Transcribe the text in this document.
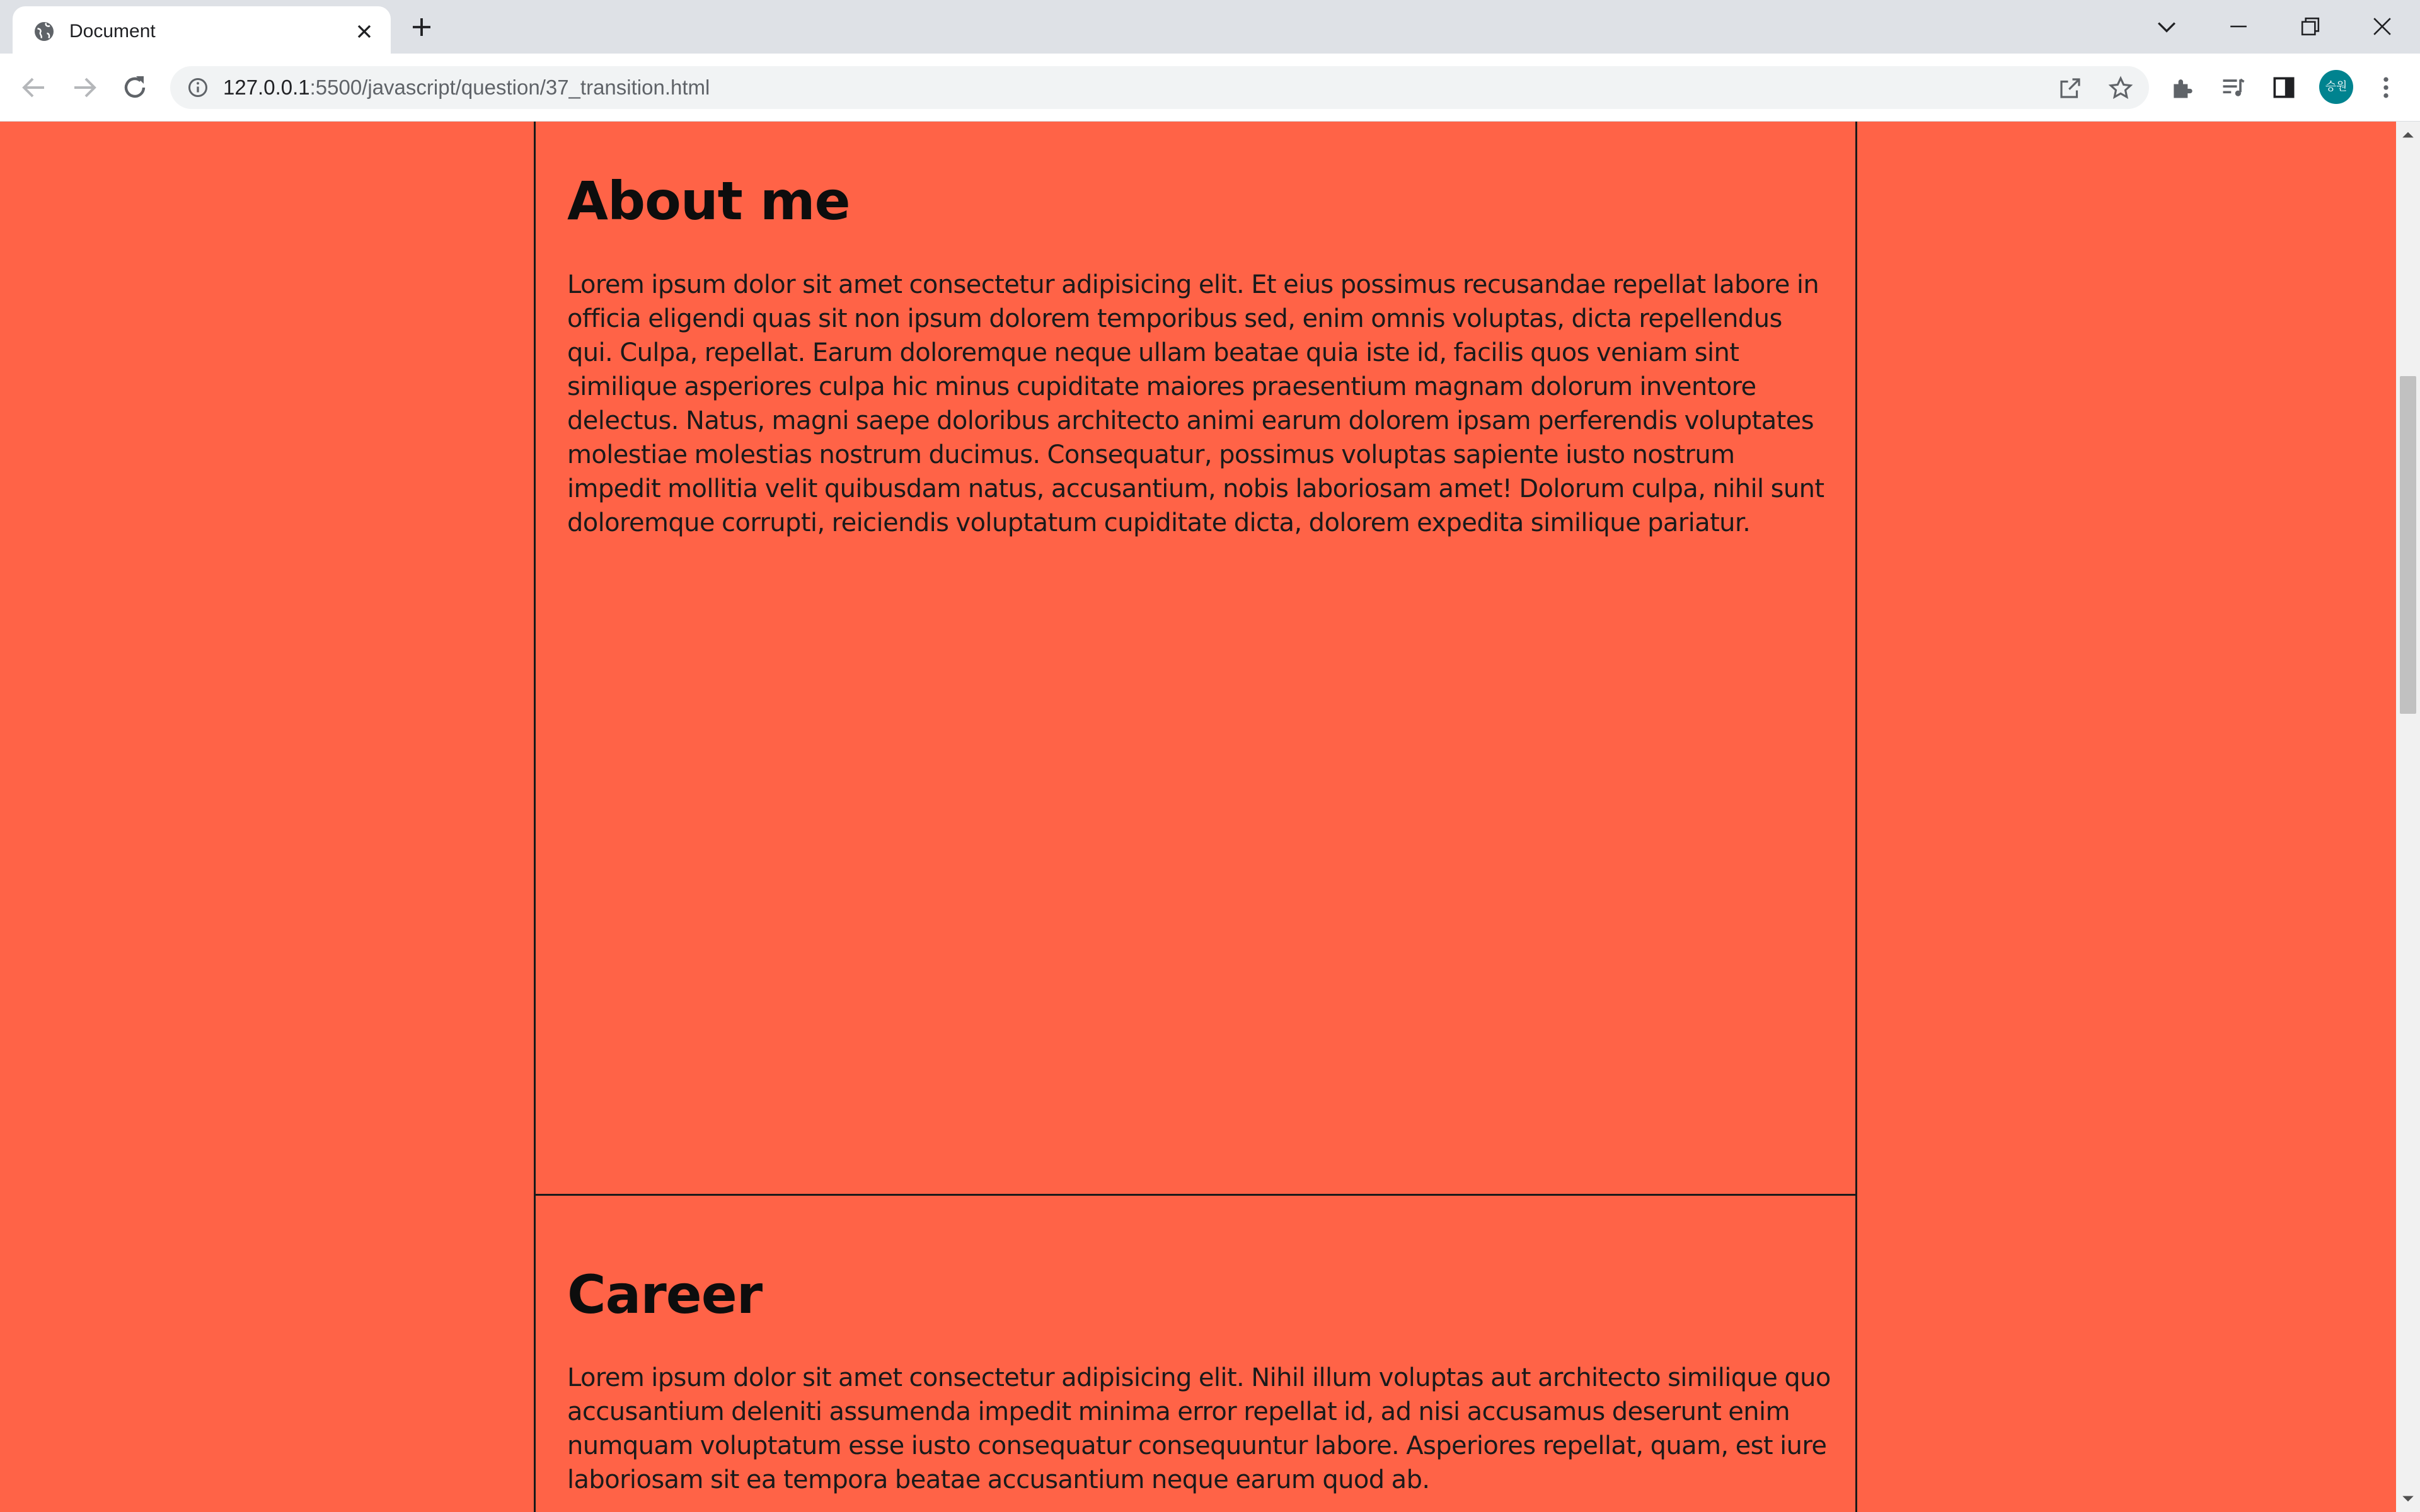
Document
127.0.0.1:5500/javascript/question/37_transition.html	승원
About me

Lorem ipsum dolor sit amet consectetur adipisicing elit. Et eius possimus recusandae repellat labore in officia eligendi quas sit non ipsum dolorem temporibus sed, enim omnis voluptas, dicta repellendus qui. Culpa, repellat. Earum doloremque neque ullam beatae quia iste id, facilis quos veniam sint similique asperiores culpa hic minus cupiditate maiores praesentium magnam dolorum inventore delectus. Natus, magni saepe doloribus architecto animi earum dolorem ipsam perferendis voluptates molestiae molestias nostrum ducimus. Consequatur, possimus voluptas sapiente iusto nostrum impedit mollitia velit quibusdam natus, accusantium, nobis laboriosam amet! Dolorum culpa, nihil sunt doloremque corrupti, reiciendis voluptatum cupiditate dicta, dolorem expedita similique pariatur.

Career

Lorem ipsum dolor sit amet consectetur adipisicing elit. Nihil illum voluptas aut architecto similique quo accusantium deleniti assumenda impedit minima error repellat id, ad nisi accusamus deserunt enim numquam voluptatum esse iusto consequatur consequuntur labore. Asperiores repellat, quam, est iure laboriosam sit ea tempora beatae accusantium neque earum quod ab.
